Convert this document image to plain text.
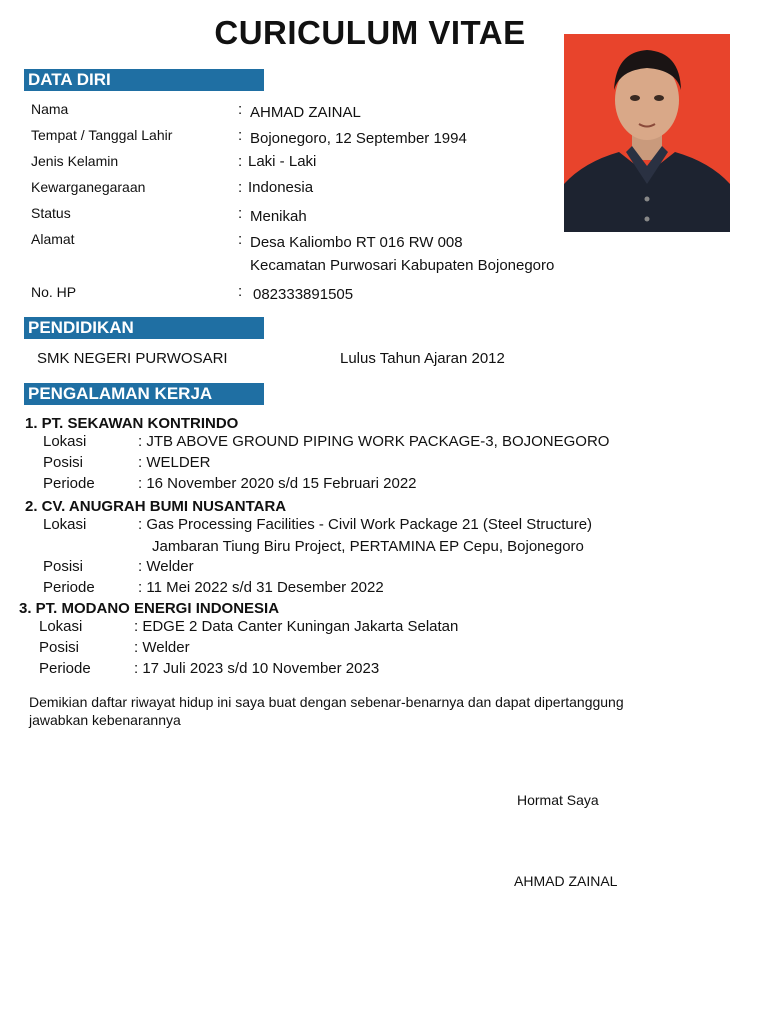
CURICULUM VITAE
DATA DIRI
Nama	: AHMAD ZAINAL
Tempat / Tanggal Lahir	: Bojonegoro, 12 September 1994
Jenis Kelamin	: Laki - Laki
Kewarganegaraan	: Indonesia
Status	: Menikah
Alamat	: Desa Kaliombo RT 016 RW 008
Kecamatan Purwosari Kabupaten Bojonegoro
No. HP	: 082333891505
PENDIDIKAN
SMK NEGERI PURWOSARI	Lulus Tahun Ajaran 2012
PENGALAMAN KERJA
1. PT. SEKAWAN KONTRINDO
Lokasi	: JTB ABOVE GROUND PIPING WORK PACKAGE-3, BOJONEGORO
Posisi	: WELDER
Periode	: 16 November 2020 s/d 15 Februari 2022
2. CV. ANUGRAH BUMI NUSANTARA
Lokasi	: Gas Processing Facilities - Civil Work Package 21 (Steel Structure)
Jambaran Tiung Biru Project, PERTAMINA EP Cepu, Bojonegoro
Posisi	: Welder
Periode	: 11 Mei 2022 s/d 31 Desember 2022
3. PT. MODANO ENERGI INDONESIA
Lokasi	: EDGE 2 Data Canter Kuningan Jakarta Selatan
Posisi	: Welder
Periode	: 17 Juli 2023 s/d 10 November 2023
Demikian daftar riwayat hidup ini saya buat dengan sebenar-benarnya dan dapat dipertanggung
jawabkan kebenarannya
Hormat Saya
AHMAD ZAINAL
